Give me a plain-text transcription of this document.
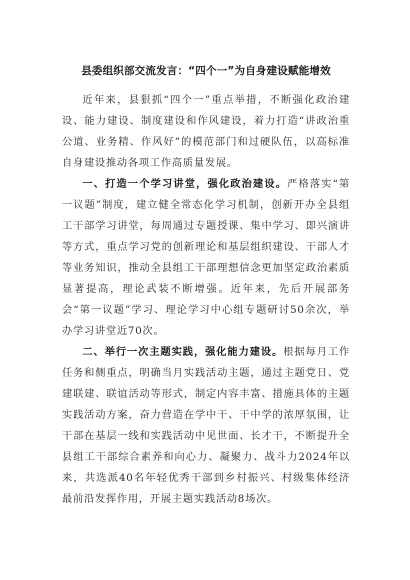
县委组织部交流发言：“四个一”为自身建设赋能增效

近年来，县狠抓“四个一”重点举措，不断强化政治建设、能力建设、制度建设和作风建设，着力打造“讲政治重公道、业务精、作风好”的模范部门和过硬队伍，以高标准自身建设推动各项工作高质量发展。

一、打造一个学习讲堂，强化政治建设。严格落实“第一议题”制度，建立健全常态化学习机制，创新开办全县组工干部学习讲堂，每周通过专题授课、集中学习、即兴演讲等方式，重点学习党的创新理论和基层组织建设、干部人才等业务知识，推动全县组工干部理想信念更加坚定政治素质显著提高，理论武装不断增强。近年来，先后开展部务会“第一议题”学习、理论学习中心组专题研讨50余次，举办学习讲堂近70次。

二、举行一次主题实践，强化能力建设。根据每月工作任务和侧重点，明确当月实践活动主题，通过主题党日、党建联建、联谊活动等形式，制定内容丰富、措施具体的主题实践活动方案，奋力营造在学中干、干中学的浓厚氛围，让干部在基层一线和实践活动中见世面、长才干，不断提升全县组工干部综合素养和向心力、凝聚力、战斗力2024年以来，共选派40名年轻优秀干部到乡村振兴、村级集体经济最前沿发挥作用，开展主题实践活动8场次。
